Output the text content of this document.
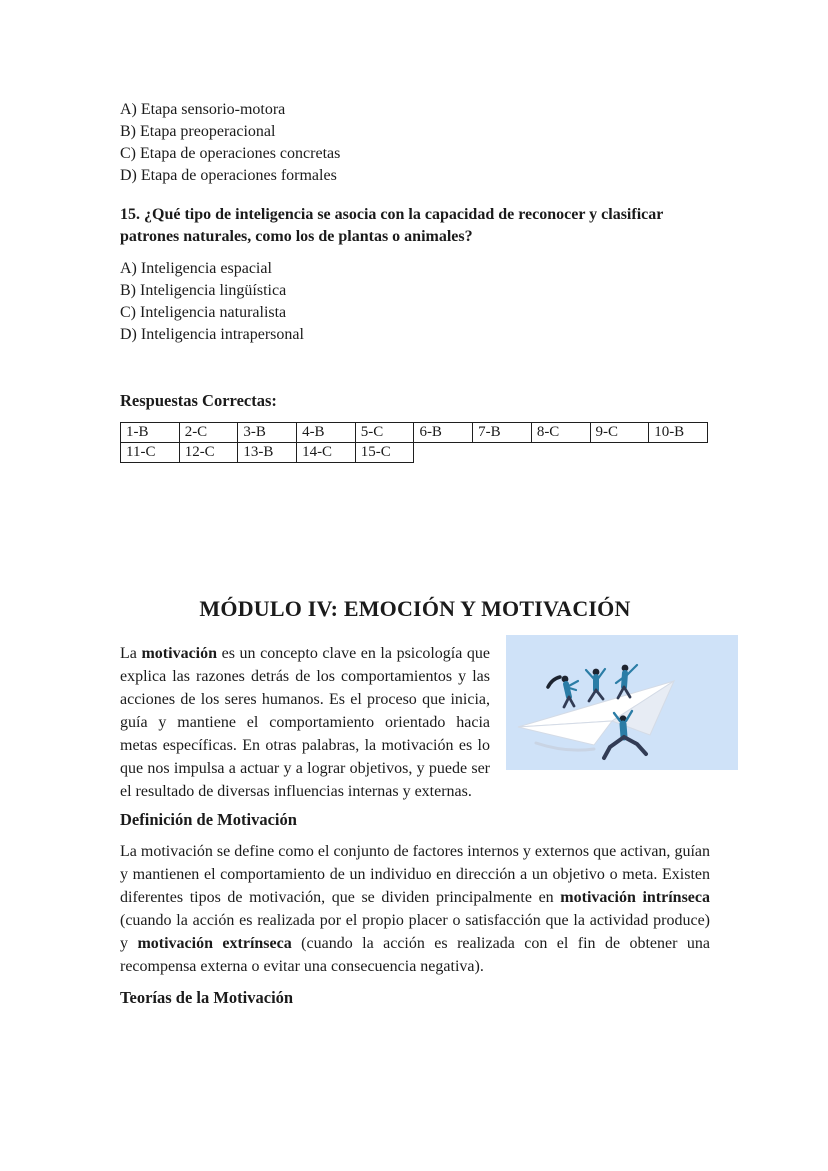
A) Etapa sensorio-motora
B) Etapa preoperacional
C) Etapa de operaciones concretas
D) Etapa de operaciones formales
15. ¿Qué tipo de inteligencia se asocia con la capacidad de reconocer y clasificar patrones naturales, como los de plantas o animales?
A) Inteligencia espacial
B) Inteligencia lingüística
C) Inteligencia naturalista
D) Inteligencia intrapersonal
Respuestas Correctas:
1-B	2-C	3-B	4-B	5-C	6-B	7-B	8-C	9-C	10-B
11-C	12-C	13-B	14-C	15-C					
MÓDULO IV: EMOCIÓN Y MOTIVACIÓN
La motivación es un concepto clave en la psicología que explica las razones detrás de los comportamientos y las acciones de los seres humanos. Es el proceso que inicia, guía y mantiene el comportamiento orientado hacia metas específicas. En otras palabras, la motivación es lo que nos impulsa a actuar y a lograr objetivos, y puede ser el resultado de diversas influencias internas y externas.
Definición de Motivación
La motivación se define como el conjunto de factores internos y externos que activan, guían y mantienen el comportamiento de un individuo en dirección a un objetivo o meta. Existen diferentes tipos de motivación, que se dividen principalmente en motivación intrínseca (cuando la acción es realizada por el propio placer o satisfacción que la actividad produce) y motivación extrínseca (cuando la acción es realizada con el fin de obtener una recompensa externa o evitar una consecuencia negativa).
Teorías de la Motivación
